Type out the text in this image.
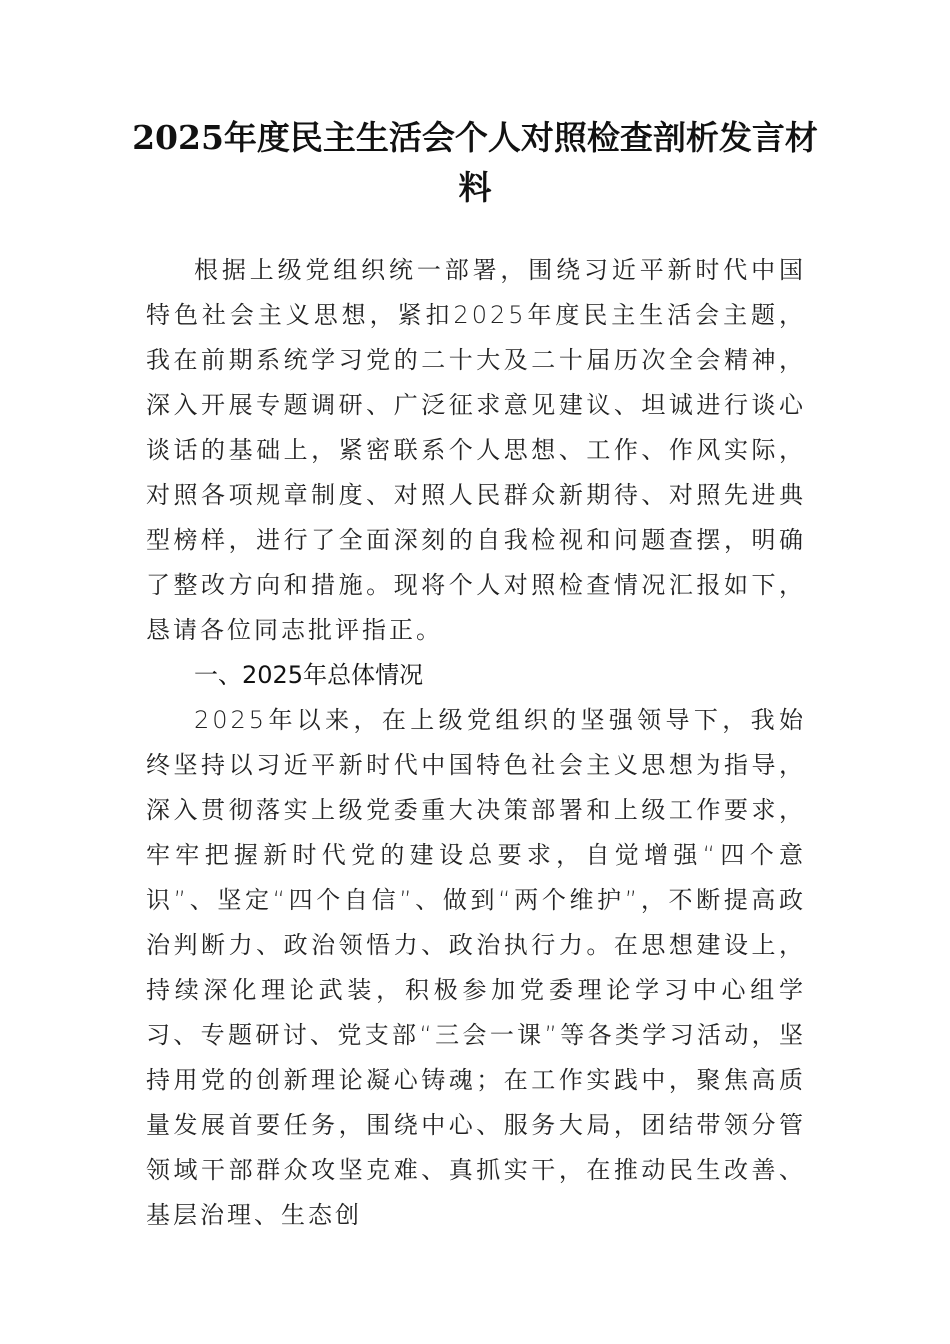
2025年度民主生活会个人对照检查剖析发言材料

根据上级党组织统一部署，围绕习近平新时代中国特色社会主义思想，紧扣2025年度民主生活会主题，我在前期系统学习党的二十大及二十届历次全会精神，深入开展专题调研、广泛征求意见建议、坦诚进行谈心谈话的基础上，紧密联系个人思想、工作、作风实际，对照各项规章制度、对照人民群众新期待、对照先进典型榜样，进行了全面深刻的自我检视和问题查摆，明确了整改方向和措施。现将个人对照检查情况汇报如下，恳请各位同志批评指正。

一、2025年总体情况

2025年以来，在上级党组织的坚强领导下，我始终坚持以习近平新时代中国特色社会主义思想为指导，深入贯彻落实上级党委重大决策部署和上级工作要求，牢牢把握新时代党的建设总要求，自觉增强“四个意识”、坚定“四个自信”、做到“两个维护”，不断提高政治判断力、政治领悟力、政治执行力。在思想建设上，持续深化理论武装，积极参加党委理论学习中心组学习、专题研讨、党支部“三会一课”等各类学习活动，坚持用党的创新理论凝心铸魂；在工作实践中，聚焦高质量发展首要任务，围绕中心、服务大局，团结带领分管领域干部群众攻坚克难、真抓实干，在推动民生改善、基层治理、生态创
